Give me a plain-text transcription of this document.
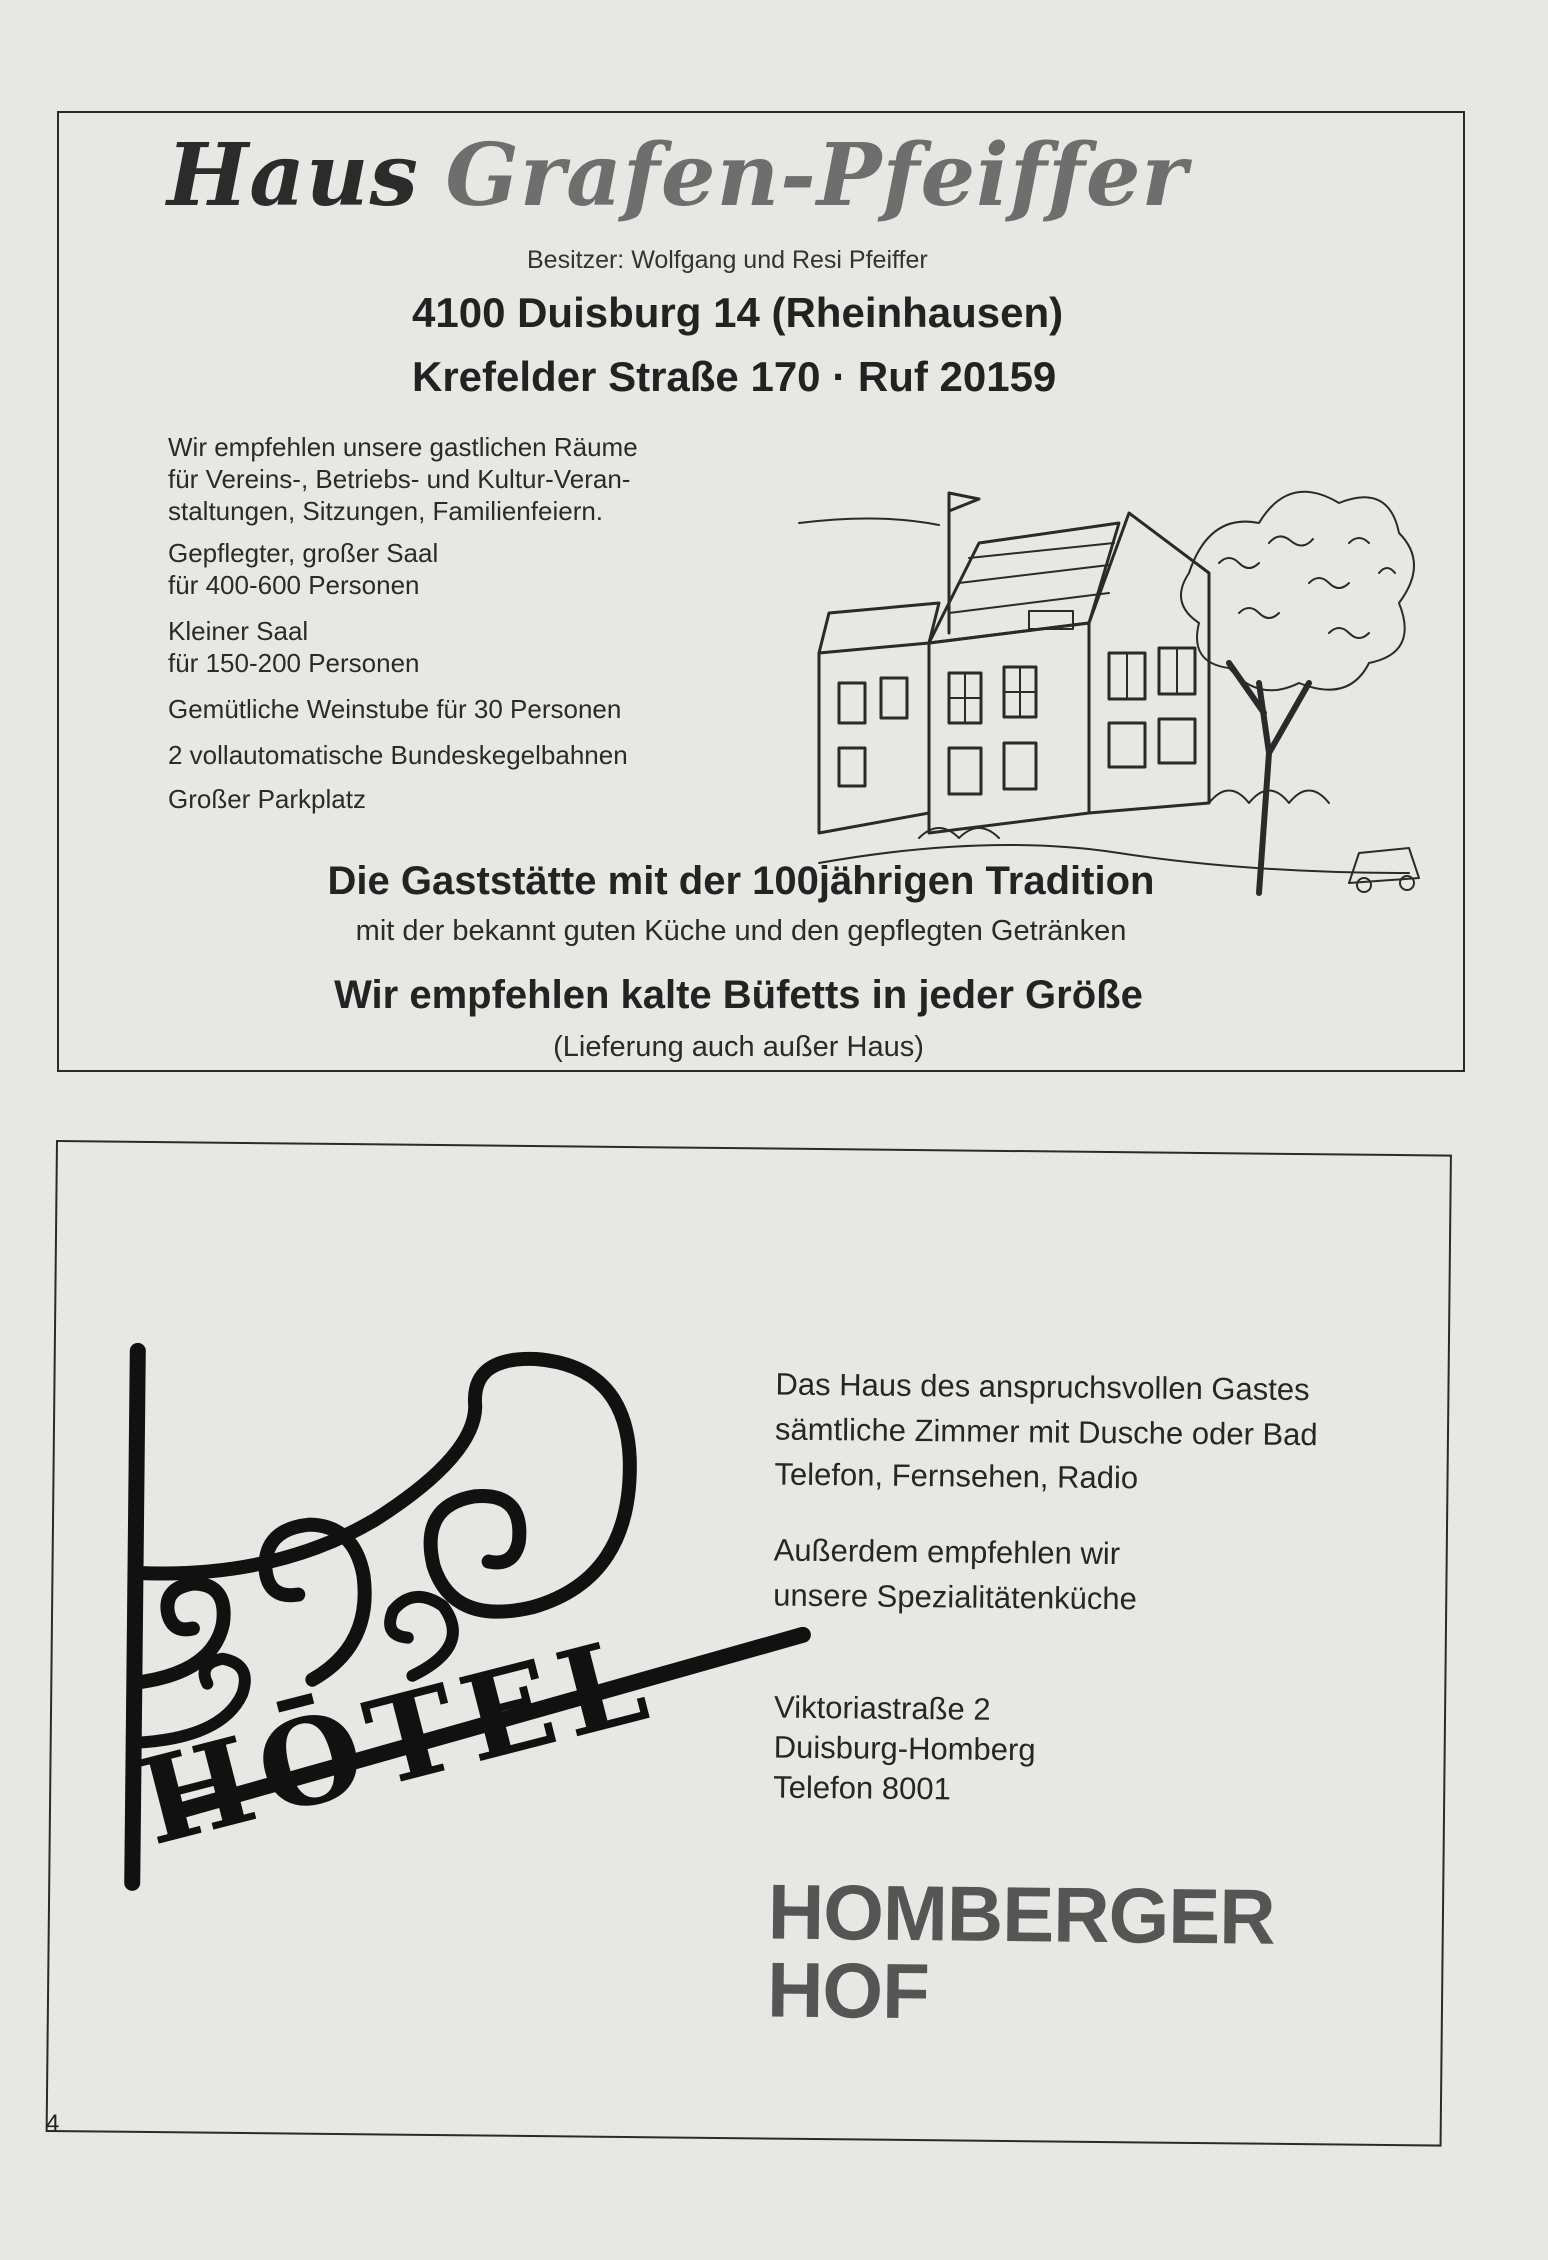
Haus Grafen-Pfeiffer
Besitzer: Wolfgang und Resi Pfeiffer
4100 Duisburg 14 (Rheinhausen)
Krefelder Straße 170 · Ruf 20159
Wir empfehlen unsere gastlichen Räume
für Vereins-, Betriebs- und Kultur-Veran-
staltungen, Sitzungen, Familienfeiern.
Gepflegter, großer Saal
für 400-600 Personen
Kleiner Saal
für 150-200 Personen
Gemütliche Weinstube für 30 Personen
2 vollautomatische Bundeskegelbahnen
Großer Parkplatz
Die Gaststätte mit der 100jährigen Tradition
mit der bekannt guten Küche und den gepflegten Getränken
Wir empfehlen kalte Büfetts in jeder Größe
(Lieferung auch außer Haus)
HŌTEL
Das Haus des anspruchsvollen Gastes
sämtliche Zimmer mit Dusche oder Bad
Telefon, Fernsehen, Radio
Außerdem empfehlen wir
unsere Spezialitätenküche
Viktoriastraße 2
Duisburg-Homberg
Telefon 8001
HOMBERGER
HOF
4
